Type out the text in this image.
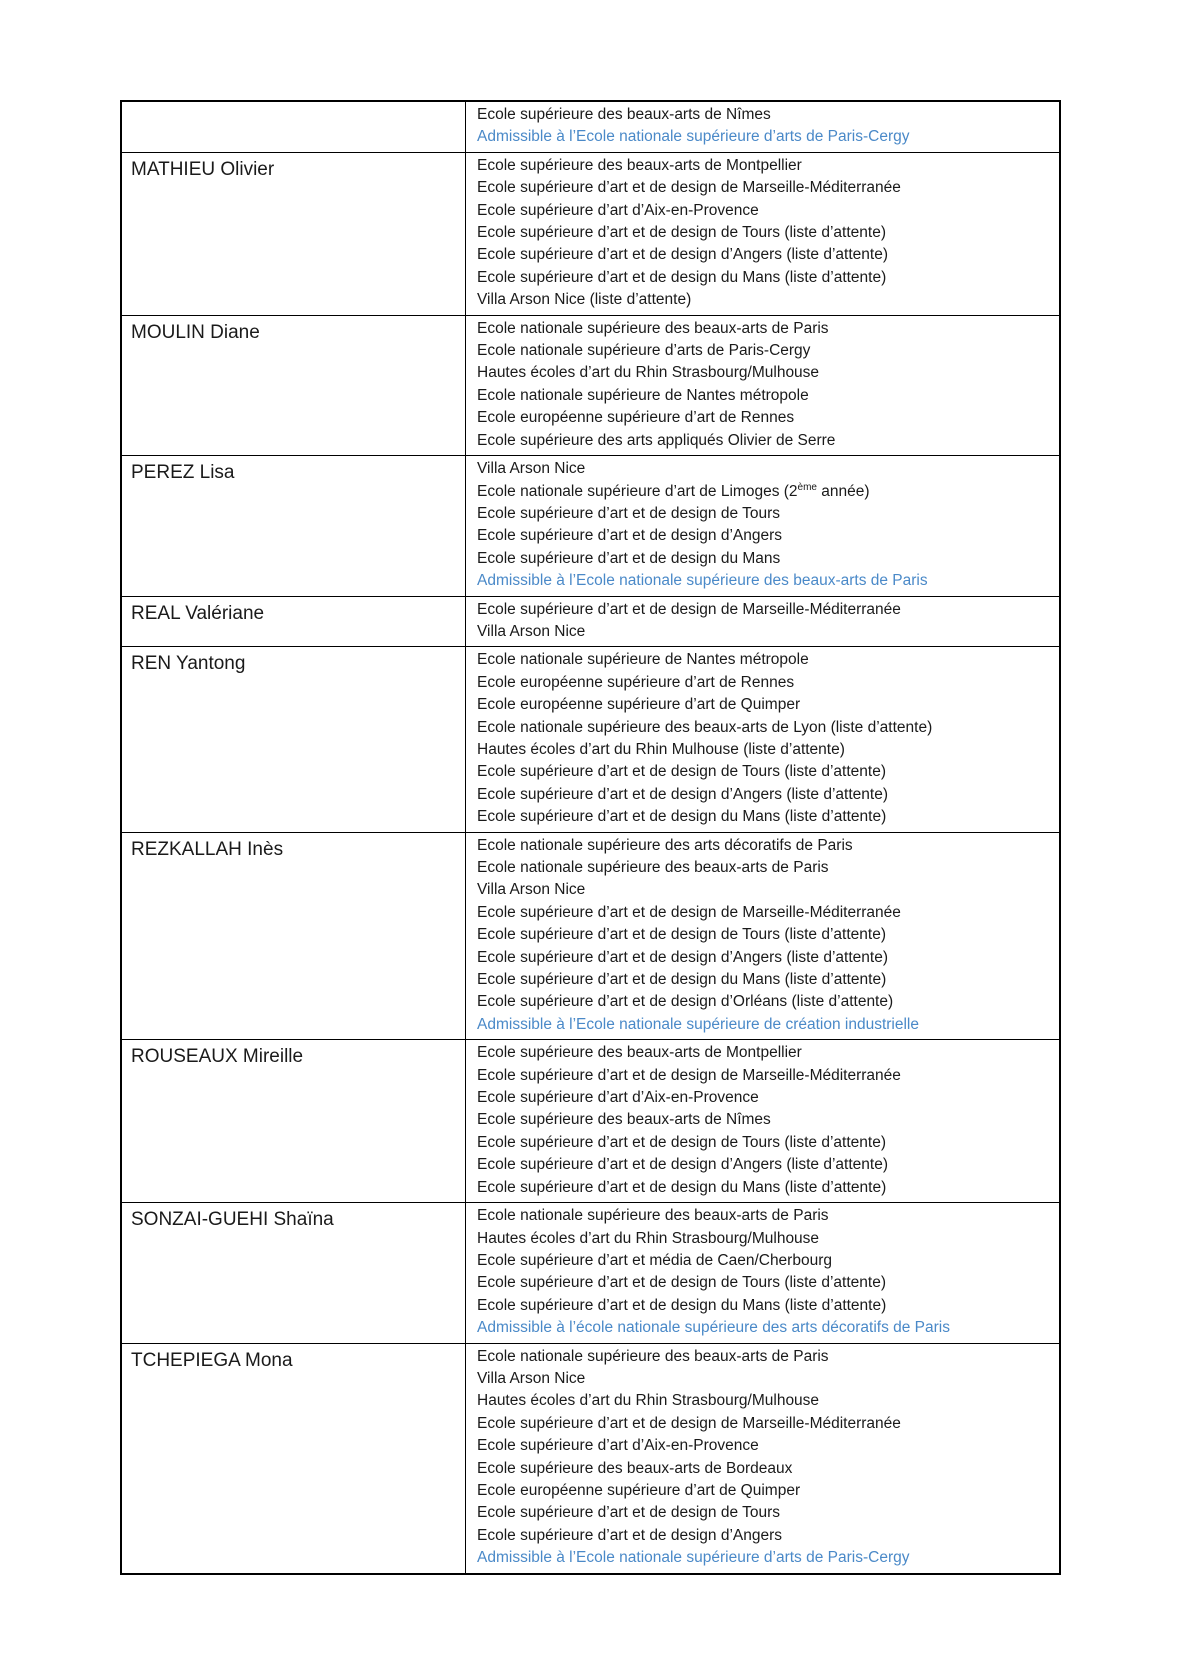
Ecole supérieure des beaux-arts de Nîmes
Admissible à l’Ecole nationale supérieure d’arts de Paris-Cergy
MATHIEU Olivier	Ecole supérieure des beaux-arts de Montpellier
Ecole supérieure d’art et de design de Marseille-Méditerranée
Ecole supérieure d’art d’Aix-en-Provence
Ecole supérieure d’art et de design de Tours (liste d’attente)
Ecole supérieure d’art et de design d’Angers (liste d’attente)
Ecole supérieure d’art et de design du Mans (liste d’attente)
Villa Arson Nice (liste d’attente)
MOULIN Diane	Ecole nationale supérieure des beaux-arts de Paris
Ecole nationale supérieure d’arts de Paris-Cergy
Hautes écoles d’art du Rhin Strasbourg/Mulhouse
Ecole nationale supérieure de Nantes métropole
Ecole européenne supérieure d’art de Rennes
Ecole supérieure des arts appliqués Olivier de Serre
PEREZ Lisa	Villa Arson Nice
Ecole nationale supérieure d’art de Limoges (2ème année)
Ecole supérieure d’art et de design de Tours
Ecole supérieure d’art et de design d’Angers
Ecole supérieure d’art et de design du Mans
Admissible à l’Ecole nationale supérieure des beaux-arts de Paris
REAL Valériane	Ecole supérieure d’art et de design de Marseille-Méditerranée
Villa Arson Nice
REN Yantong	Ecole nationale supérieure de Nantes métropole
Ecole européenne supérieure d’art de Rennes
Ecole européenne supérieure d’art de Quimper
Ecole nationale supérieure des beaux-arts de Lyon (liste d’attente)
Hautes écoles d’art du Rhin Mulhouse (liste d’attente)
Ecole supérieure d’art et de design de Tours (liste d’attente)
Ecole supérieure d’art et de design d’Angers (liste d’attente)
Ecole supérieure d’art et de design du Mans (liste d’attente)
REZKALLAH Inès	Ecole nationale supérieure des arts décoratifs de Paris
Ecole nationale supérieure des beaux-arts de Paris
Villa Arson Nice
Ecole supérieure d’art et de design de Marseille-Méditerranée
Ecole supérieure d’art et de design de Tours (liste d’attente)
Ecole supérieure d’art et de design d’Angers (liste d’attente)
Ecole supérieure d’art et de design du Mans (liste d’attente)
Ecole supérieure d’art et de design d’Orléans (liste d’attente)
Admissible à l’Ecole nationale supérieure de création industrielle
ROUSEAUX Mireille	Ecole supérieure des beaux-arts de Montpellier
Ecole supérieure d’art et de design de Marseille-Méditerranée
Ecole supérieure d’art d’Aix-en-Provence
Ecole supérieure des beaux-arts de Nîmes
Ecole supérieure d’art et de design de Tours (liste d’attente)
Ecole supérieure d’art et de design d’Angers (liste d’attente)
Ecole supérieure d’art et de design du Mans (liste d’attente)
SONZAI-GUEHI Shaïna	Ecole nationale supérieure des beaux-arts de Paris
Hautes écoles d’art du Rhin Strasbourg/Mulhouse
Ecole supérieure d’art et média de Caen/Cherbourg
Ecole supérieure d’art et de design de Tours (liste d’attente)
Ecole supérieure d’art et de design du Mans (liste d’attente)
Admissible à l’école nationale supérieure des arts décoratifs de Paris
TCHEPIEGA Mona	Ecole nationale supérieure des beaux-arts de Paris
Villa Arson Nice
Hautes écoles d’art du Rhin Strasbourg/Mulhouse
Ecole supérieure d’art et de design de Marseille-Méditerranée
Ecole supérieure d’art d’Aix-en-Provence
Ecole supérieure des beaux-arts de Bordeaux
Ecole européenne supérieure d’art de Quimper
Ecole supérieure d’art et de design de Tours
Ecole supérieure d’art et de design d’Angers
Admissible à l’Ecole nationale supérieure d’arts de Paris-Cergy
